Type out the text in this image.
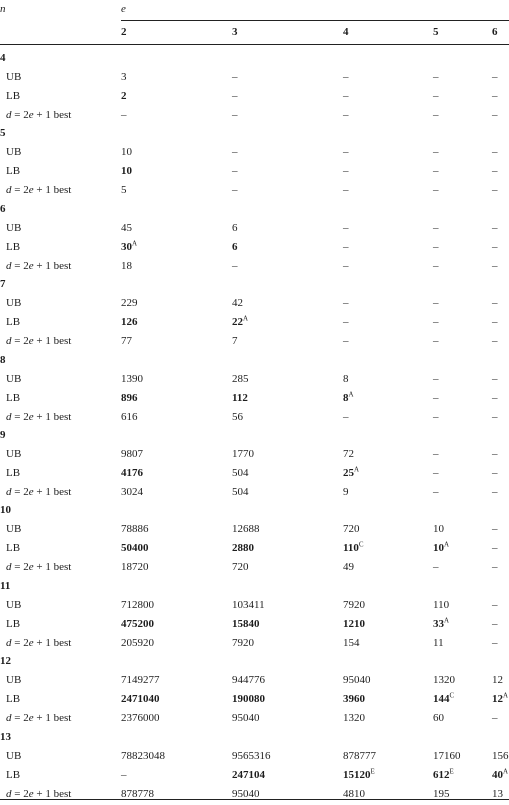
n	e
4
UB	3	–	–	–	–
LB	2	–	–	–	–
d = 2e + 1 best	–	–	–	–	–
5
UB	10	–	–	–	–
LB	10	–	–	–	–
d = 2e + 1 best	5	–	–	–	–
6
UB	45	6	–	–	–
LB	$30^A$	6	–	–	–
d = 2e + 1 best	18	–	–	–	–
7
UB	229	42	–	–	–
LB	126	$22^A$	–	–	–
d = 2e + 1 best	77	7	–	–	–
8
UB	1390	285	8	–	–
LB	896	112	$8^A$	–	–
d = 2e + 1 best	616	56	–	–	–
9
UB	9807	1770	72	–	–
LB	4176	504	$25^A$	–	–
d = 2e + 1 best	3024	504	9	–	–
10
UB	78886	12688	720	10	–
LB	50400	2880	$110^C$	$10^A$	–
d = 2e + 1 best	18720	720	49	–	–
11
UB	712800	103411	7920	110	–
LB	475200	15840	1210	$33^A$	–
d = 2e + 1 best	205920	7920	154	11	–
12
UB	7149277	944776	95040	1320	12
LB	2471040	190080	3960	$144^C$	$12^A$
d = 2e + 1 best	2376000	95040	1320	60	–
13
UB	78823048	9565316	878777	17160	156
LB	–	247104	$15120^E$	$612^E$	$40^A$
d = 2e + 1 best	878778	95040	4810	195	13
2	3	4	5	6
